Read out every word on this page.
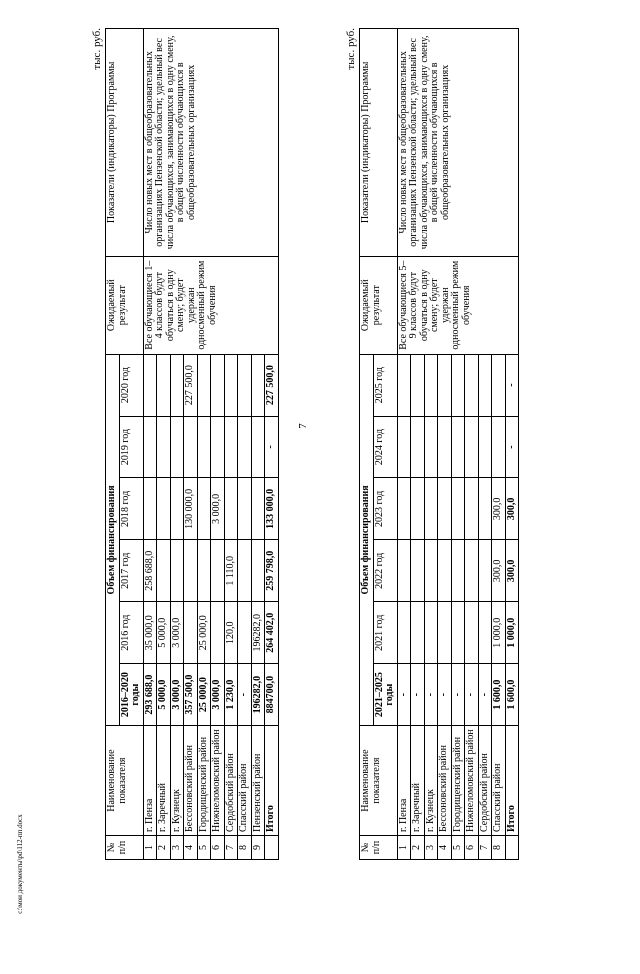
7
тыс. руб.
№ п/п	Наименование показателя	Объем финансирования						Ожидаемый результат	Показатели (индикаторы) Программы
		2016–2020 годы	2016 год	2017 год	2018 год	2019 год	2020 год		
1	г. Пенза	293 688,0	35 000,0	258 688,0				Все обучающиеся 1–4 классов будут обучаться в одну смену; будет удержан односменный режим обучения	Число новых мест в общеобразовательных организациях Пензенской области; удельный вес числа обучающихся, занимающихся в одну смену, в общей численности обучающихся в общеобразовательных организациях
2	г. Заречный	5 000,0	5 000,0						
3	г. Кузнецк	3 000,0	3 000,0						
4	Бессоновский район	357 500,0			130 000,0		227 500,0		
5	Городищенский район	25 000,0	25 000,0						
6	Нижнеломовский район	3 000,0			3 000,0				
7	Сердобский район	1 230,0	120,0	1 110,0					
8	Спасский район	-							
9	Пензенский район	196282,0	196282,0						
	Итого	884700,0	264 402,0	259 798,0	133 000,0	-	227 500,0		
тыс. руб.
№ п/п	Наименование показателя	Объем финансирования						Ожидаемый результат	Показатели (индикаторы) Программы
		2021–2025 годы	2021 год	2022 год	2023 год	2024 год	2025 год		
1	г. Пенза	-						Все обучающиеся 5–9 классов будут обучаться в одну смену; будет удержан односменный режим обучения	Число новых мест в общеобразовательных организациях Пензенской области; удельный вес числа обучающихся, занимающихся в одну смену, в общей численности обучающихся в общеобразовательных организациях
2	г. Заречный	-							
3	г. Кузнецк	-							
4	Бессоновский район	-							
5	Городищенский район	-							
6	Нижнеломовский район	-							
7	Сердобский район	-							
8	Спасский район	1 600,0	1 000,0	300,0	300,0				
	Итого	1 600,0	1 000,0	300,0	300,0	-	-		
c:\мои документы\pd\112-пп.docx
